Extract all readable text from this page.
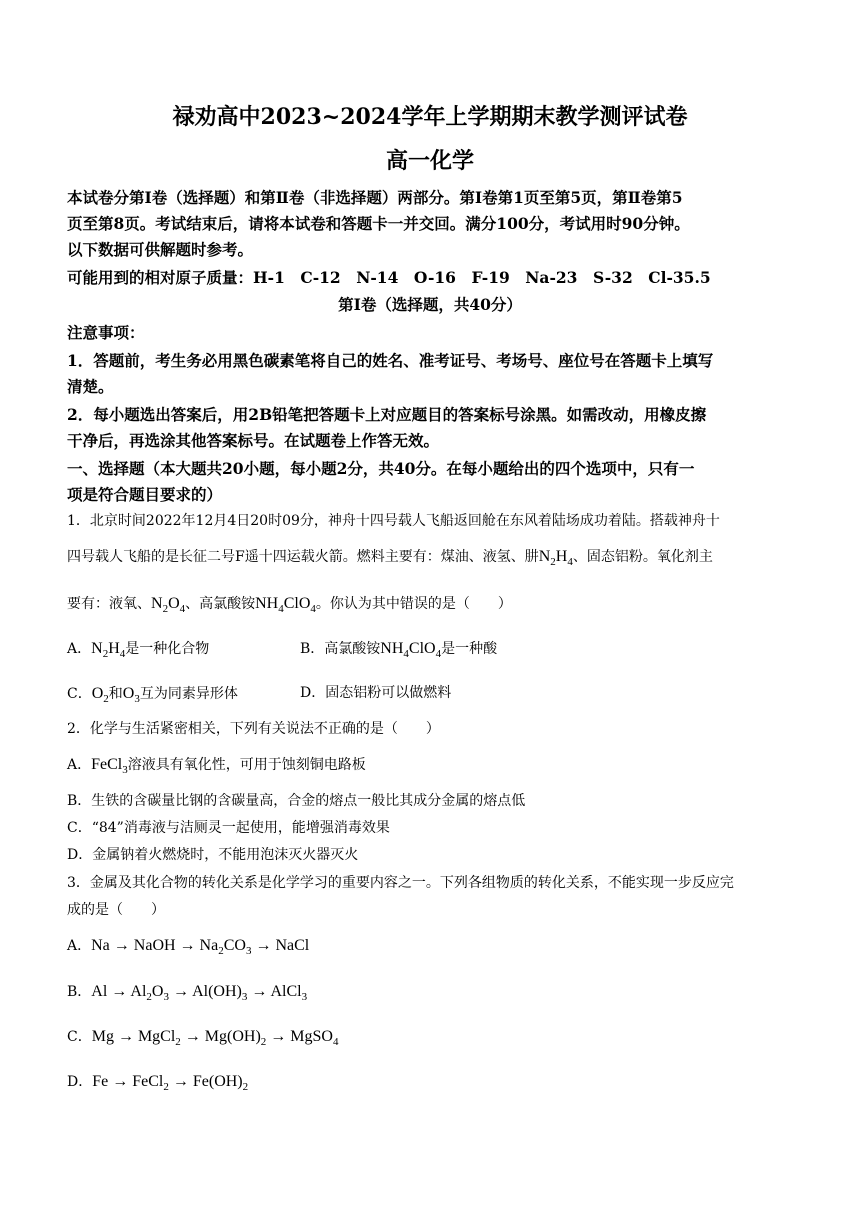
禄劝高中2023~2024学年上学期期末教学测评试卷
高一化学
本试卷分第Ⅰ卷（选择题）和第Ⅱ卷（非选择题）两部分。第Ⅰ卷第1页至第5页，第Ⅱ卷第5
页至第8页。考试结束后，请将本试卷和答题卡一并交回。满分100分，考试用时90分钟。
以下数据可供解题时参考。
可能用到的相对原子质量：H-1　C-12　N-14　O-16　F-19　Na-23　S-32　Cl-35.5
第Ⅰ卷（选择题，共40分）
注意事项：
1．答题前，考生务必用黑色碳素笔将自己的姓名、准考证号、考场号、座位号在答题卡上填写
清楚。
2．每小题选出答案后，用2B铅笔把答题卡上对应题目的答案标号涂黑。如需改动，用橡皮擦
干净后，再选涂其他答案标号。在试题卷上作答无效。
一、选择题（本大题共20小题，每小题2分，共40分。在每小题给出的四个选项中，只有一
项是符合题目要求的）
1．北京时间2022年12月4日20时09分，神舟十四号载人飞船返回舱在东风着陆场成功着陆。搭载神舟十
四号载人飞船的是长征二号F遥十四运载火箭。燃料主要有：煤油、液氢、肼$N_2H_4$、固态铝粉。氧化剂主
要有：液氧、$N_2O_4$、高氯酸铵$NH_4ClO_4$。你认为其中错误的是（　　）
A．$N_2H_4$是一种化合物	B．高氯酸铵$NH_4ClO_4$是一种酸
C．$O_2$和$O_3$互为同素异形体	D．固态铝粉可以做燃料
2．化学与生活紧密相关，下列有关说法不正确的是（　　）
A．FeCl$_3$溶液具有氧化性，可用于蚀刻铜电路板
B．生铁的含碳量比钢的含碳量高，合金的熔点一般比其成分金属的熔点低
C．“84”消毒液与洁厕灵一起使用，能增强消毒效果
D．金属钠着火燃烧时，不能用泡沫灭火器灭火
3．金属及其化合物的转化关系是化学学习的重要内容之一。下列各组物质的转化关系，不能实现一步反应完
成的是（　　）
A．Na → NaOH → $Na_2CO_3$ → NaCl
B．$Al \to Al_2O_3 \to Al(OH)_3$ → AlCl$_3$
C．Mg → MgCl$_2$ → $Mg(OH)_2$ → MgSO$_4$
D．Fe → FeCl$_2$ → $Fe(OH)_2$
